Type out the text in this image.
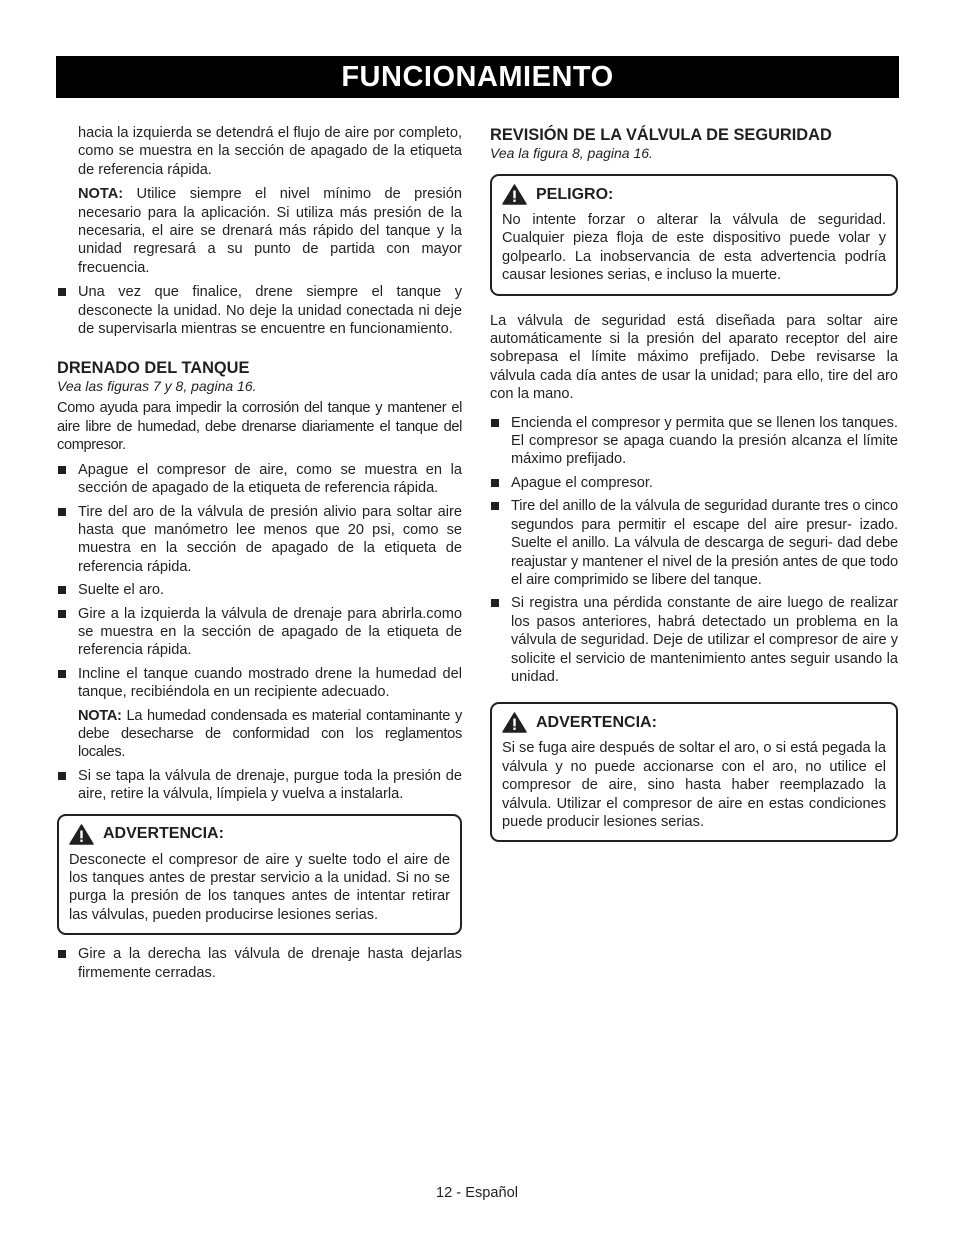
FUNCIONAMIENTO

hacia la izquierda se detendrá el flujo de aire por completo, como se muestra en la sección de apagado de la etiqueta de referencia rápida.

NOTA: Utilice siempre el nivel mínimo de presión necesario para la aplicación. Si utiliza más presión de la necesaria, el aire se drenará más rápido del tanque y la unidad regresará a su punto de partida con mayor frecuencia.

Una vez que finalice, drene siempre el tanque y desconecte la unidad. No deje la unidad conectada ni deje de supervisarla mientras se encuentre en funcionamiento.

DRENADO DEL TANQUE

Vea las figuras 7 y 8, pagina 16.

Como ayuda para impedir la corrosión del tanque y mantener el aire libre de humedad, debe drenarse diariamente el tanque del compresor.

Apague el compresor de aire, como se muestra en la sección de apagado de la etiqueta de referencia rápida.
Tire del aro de la válvula de presión alivio para soltar aire hasta que manómetro lee menos que 20 psi, como se muestra en la sección de apagado de la etiqueta de referencia rápida.
Suelte el aro.
Gire a la izquierda la válvula de drenaje para abrirla.como se muestra en la sección de apagado de la etiqueta de referencia rápida.
Incline el tanque cuando mostrado drene la humedad del tanque, recibiéndola en un recipiente adecuado.

NOTA: La humedad condensada es material contaminante y debe desecharse de conformidad con los reglamentos locales.

Si se tapa la válvula de drenaje, purgue toda la presión de aire, retire la válvula, límpiela y vuelva a instalarla.
ADVERTENCIA:

Desconecte el compresor de aire y suelte todo el aire de los tanques antes de prestar servicio a la unidad. Si no se purga la presión de los tanques antes de intentar retirar las válvulas, pueden producirse lesiones serias.

Gire a la derecha las válvula de drenaje hasta dejarlas firmemente cerradas.

REVISIÓN DE LA VÁLVULA DE SEGURIDAD

Vea la figura 8, pagina 16.

PELIGRO:

No intente forzar o alterar la válvula de seguridad. Cualquier pieza floja de este dispositivo puede volar y golpearlo. La inobservancia de esta advertencia podría causar lesiones serias, e incluso la muerte.

La válvula de seguridad está diseñada para soltar aire automáticamente si la presión del aparato receptor del aire sobrepasa el límite máximo prefijado. Debe revisarse la válvula cada día antes de usar la unidad; para ello, tire del aro con la mano.

Encienda el compresor y permita que se llenen los tanques. El compresor se apaga cuando la presión alcanza el límite máximo prefijado.
Apague el compresor.
Tire del anillo de la válvula de seguridad durante tres o cinco segundos para permitir el escape del aire presur- izado. Suelte el anillo. La válvula de descarga de seguri- dad debe reajustar y mantener el nivel de la presión antes de que todo el aire comprimido se libere del tanque.
Si registra una pérdida constante de aire luego de realizar los pasos anteriores, habrá detectado un problema en la válvula de seguridad. Deje de utilizar el compresor de aire y solicite el servicio de mantenimiento antes seguir usando la unidad.
ADVERTENCIA:

Si se fuga aire después de soltar el aro, o si está pegada la válvula y no puede accionarse con el aro, no utilice el compresor de aire, sino hasta haber reemplazado la válvula. Utilizar el compresor de aire en estas condiciones puede producir lesiones serias.

12 - Español
